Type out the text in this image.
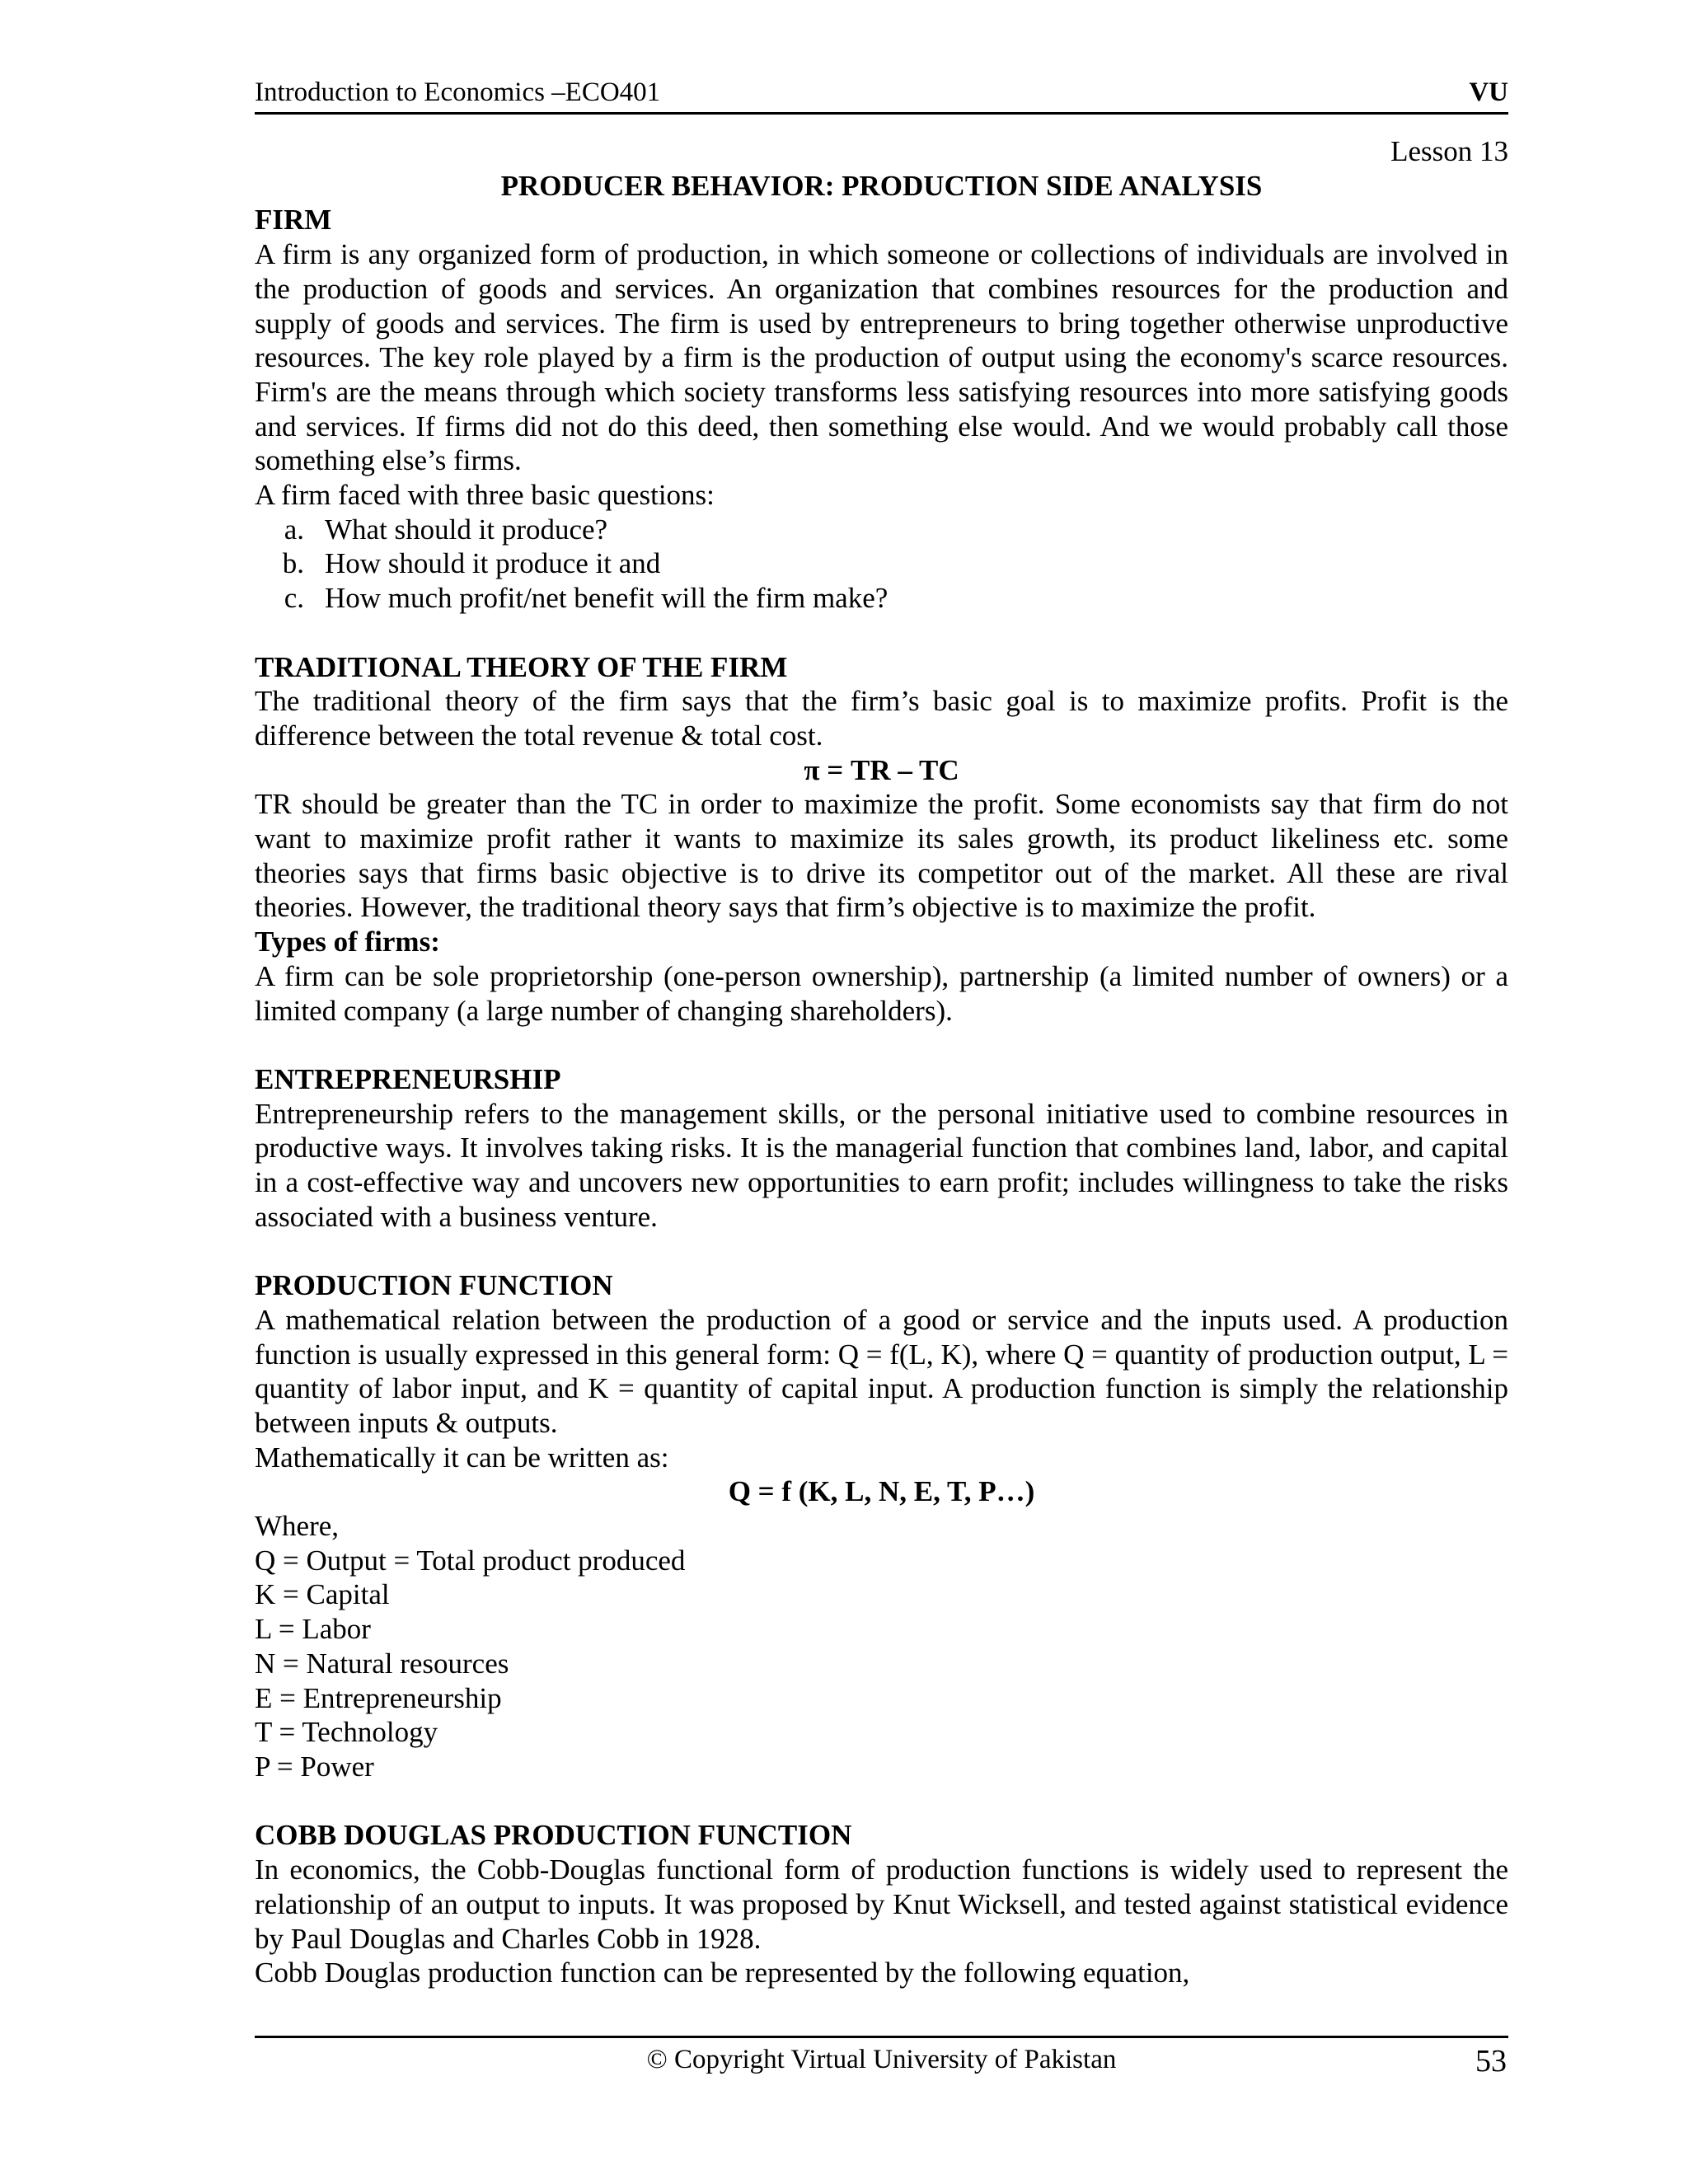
Introduction to Economics –ECO401	VU
Lesson 13
PRODUCER BEHAVIOR: PRODUCTION SIDE ANALYSIS
FIRM
A firm is any organized form of production, in which someone or collections of individuals are involved in the production of goods and services. An organization that combines resources for the production and supply of goods and services. The firm is used by entrepreneurs to bring together otherwise unproductive resources. The key role played by a firm is the production of output using the economy's scarce resources. Firm's are the means through which society transforms less satisfying resources into more satisfying goods and services. If firms did not do this deed, then something else would. And we would probably call those something else’s firms.
A firm faced with three basic questions:
a. What should it produce?
b. How should it produce it and
c. How much profit/net benefit will the firm make?
TRADITIONAL THEORY OF THE FIRM
The traditional theory of the firm says that the firm’s basic goal is to maximize profits. Profit is the difference between the total revenue & total cost.
π = TR – TC
TR should be greater than the TC in order to maximize the profit. Some economists say that firm do not want to maximize profit rather it wants to maximize its sales growth, its product likeliness etc. some theories says that firms basic objective is to drive its competitor out of the market. All these are rival theories. However, the traditional theory says that firm’s objective is to maximize the profit.
Types of firms:
A firm can be sole proprietorship (one-person ownership), partnership (a limited number of owners) or a limited company (a large number of changing shareholders).
ENTREPRENEURSHIP
Entrepreneurship refers to the management skills, or the personal initiative used to combine resources in productive ways. It involves taking risks. It is the managerial function that combines land, labor, and capital in a cost-effective way and uncovers new opportunities to earn profit; includes willingness to take the risks associated with a business venture.
PRODUCTION FUNCTION
A mathematical relation between the production of a good or service and the inputs used. A production function is usually expressed in this general form: Q = f(L, K), where Q = quantity of production output, L = quantity of labor input, and K = quantity of capital input. A production function is simply the relationship between inputs & outputs.
Mathematically it can be written as:
Q = f (K, L, N, E, T, P…)
Where,
Q = Output = Total product produced
K = Capital
L = Labor
N = Natural resources
E = Entrepreneurship
T = Technology
P = Power
COBB DOUGLAS PRODUCTION FUNCTION
In economics, the Cobb-Douglas functional form of production functions is widely used to represent the relationship of an output to inputs. It was proposed by Knut Wicksell, and tested against statistical evidence by Paul Douglas and Charles Cobb in 1928.
Cobb Douglas production function can be represented by the following equation,
© Copyright Virtual University of Pakistan	53
